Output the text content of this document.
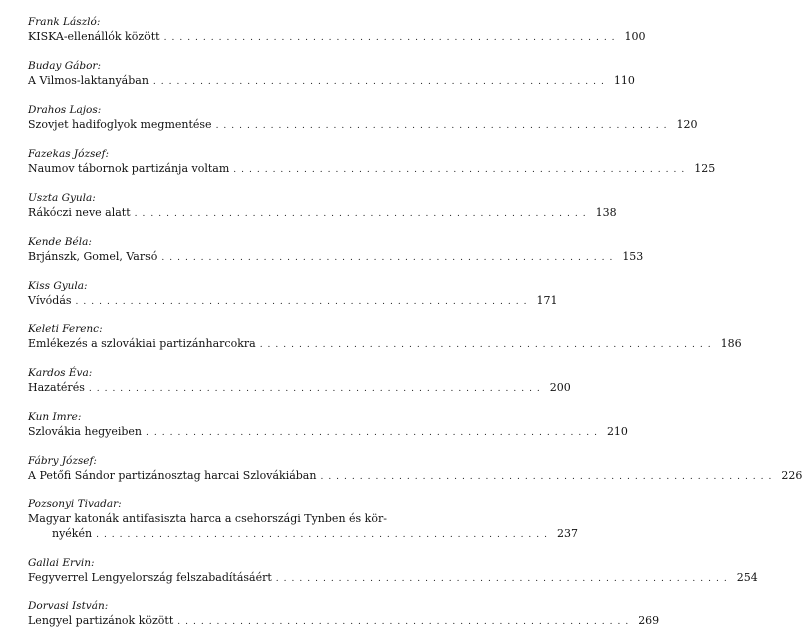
Frank László:
KISKA-ellenállók között .......................................................... 100
Buday Gábor:
A Vilmos-laktanyában .......................................................... 110
Drahos Lajos:
Szovjet hadifoglyok megmentése .......................................................... 120
Fazekas József:
Naumov tábornok partizánja voltam .......................................................... 125
Uszta Gyula:
Rákóczi neve alatt .......................................................... 138
Kende Béla:
Brjánszk, Gomel, Varsó .......................................................... 153
Kiss Gyula:
Vívódás .......................................................... 171
Keleti Ferenc:
Emlékezés a szlovákiai partizánharcokra .......................................................... 186
Kardos Éva:
Hazatérés .......................................................... 200
Kun Imre:
Szlovákia hegyeiben .......................................................... 210
Fábry József:
A Petőfi Sándor partizánosztag harcai Szlovákiában .......................................................... 226
Pozsonyi Tivadar:
Magyar katonák antifasiszta harca a csehországi Tynben és kör-
nyékén .......................................................... 237
Gallai Ervin:
Fegyverrel Lengyelország felszabadításáért .......................................................... 254
Dorvasi István:
Lengyel partizánok között .......................................................... 269
